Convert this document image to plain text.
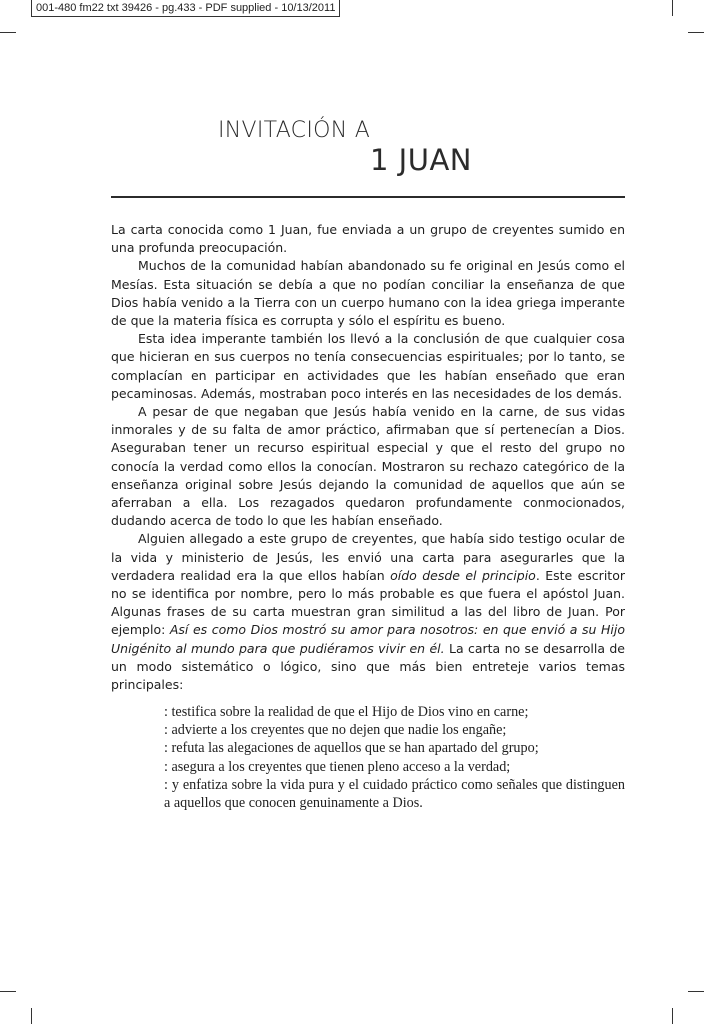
001-480 fm22 txt 39426 - pg.433 - PDF supplied - 10/13/2011
INVITACIÓN A
1 JUAN

La carta conocida como 1 Juan, fue enviada a un grupo de creyentes sumido en una profunda preocupación.

Muchos de la comunidad habían abandonado su fe original en Jesús como el Mesías. Esta situación se debía a que no podían conciliar la enseñanza de que Dios había venido a la Tierra con un cuerpo humano con la idea griega imperante de que la materia física es corrupta y sólo el espíritu es bueno.

Esta idea imperante también los llevó a la conclusión de que cualquier cosa que hicieran en sus cuerpos no tenía consecuencias espirituales; por lo tanto, se complacían en participar en actividades que les habían enseñado que eran pecaminosas. Además, mostraban poco interés en las necesidades de los demás.

A pesar de que negaban que Jesús había venido en la carne, de sus vidas inmorales y de su falta de amor práctico, afirmaban que sí pertenecían a Dios. Aseguraban tener un recurso espiritual especial y que el resto del grupo no conocía la verdad como ellos la conocían. Mostraron su rechazo categórico de la enseñanza original sobre Jesús dejando la comunidad de aquellos que aún se aferraban a ella. Los rezagados quedaron profundamente conmocionados, dudando acerca de todo lo que les habían enseñado.

Alguien allegado a este grupo de creyentes, que había sido testigo ocular de la vida y ministerio de Jesús, les envió una carta para asegurarles que la verdadera realidad era la que ellos habían oído desde el principio. Este escritor no se identifica por nombre, pero lo más probable es que fuera el apóstol Juan. Algunas frases de su carta muestran gran similitud a las del libro de Juan. Por ejemplo: Así es como Dios mostró su amor para nosotros: en que envió a su Hijo Unigénito al mundo para que pudiéramos vivir en él. La carta no se desarrolla de un modo sistemático o lógico, sino que más bien entreteje varios temas principales:

: testifica sobre la realidad de que el Hijo de Dios vino en carne;
: advierte a los creyentes que no dejen que nadie los engañe;
: refuta las alegaciones de aquellos que se han apartado del grupo;
: asegura a los creyentes que tienen pleno acceso a la verdad;
: y enfatiza sobre la vida pura y el cuidado práctico como señales que distinguen a aquellos que conocen genuinamente a Dios.
